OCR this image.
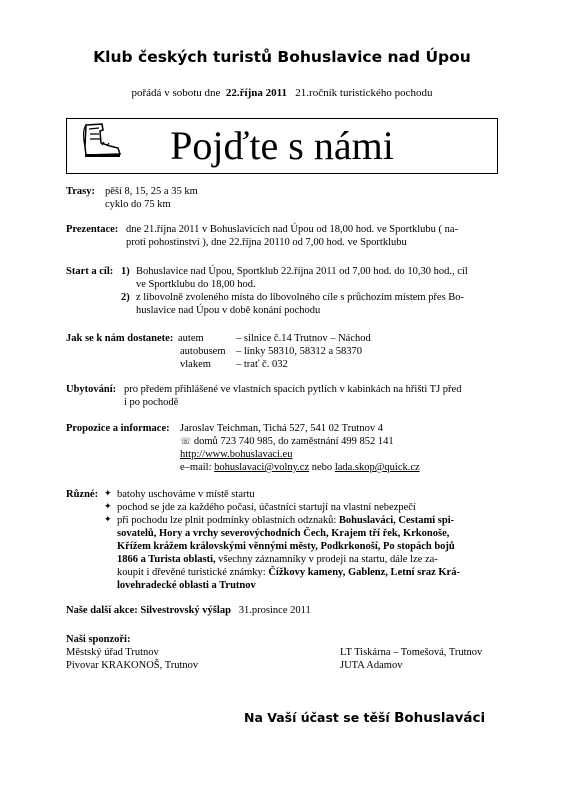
Klub českých turistů Bohuslavice nad Úpou
pořádá v sobotu dne 22.října 2011 21.ročník turistického pochodu
Pojďte s námi
Trasy: pěší 8, 15, 25 a 35 km
cyklo do 75 km
Prezentace: dne 21.října 2011 v Bohuslavicích nad Úpou od 18,00 hod. ve Sportklubu ( na-
proti pohostinství ), dne 22.října 20110 od 7,00 hod. ve Sportklubu
Start a cíl: 1) Bohuslavice nad Úpou, Sportklub 22.října 2011 od 7,00 hod. do 10,30 hod., cíl
ve Sportklubu do 18,00 hod.
2) z libovolně zvoleného místa do libovolného cíle s průchozím místem přes Bo-
huslavice nad Úpou v době konání pochodu
Jak se k nám dostanete: autem	– silnice č.14 Trutnov – Náchod
autobusem – linky 58310, 58312 a 58370
vlakem – trať č. 032
Ubytování: pro předem přihlášené ve vlastních spacích pytlích v kabinkách na hřišti TJ před
i po pochodě
Propozice a informace: Jaroslav Teichman, Tichá 527, 541 02 Trutnov 4
☏ domů 723 740 985, do zaměstnání 499 852 141
http://www.bohuslavaci.eu
e–mail: bohuslavaci@volny.cz nebo lada.skop@quick.cz
Různé: ✦ batohy uschováme v místě startu
✦ pochod se jde za každého počasí, účastníci startují na vlastní nebezpečí
✦ při pochodu lze plnit podmínky oblastních odznaků: Bohuslaváci, Cestami spi-
sovatelů, Hory a vrchy severovýchodních Čech, Krajem tří řek, Krkonoše,
Křížem krážem královskými věnnými městy, Podkrkonoší, Po stopách bojů
1866 a Turista oblasti, všechny záznamníky v prodeji na startu, dále lze za-
koupit i dřevěné turistické známky: Čížkovy kameny, Gablenz, Letní sraz Krá-
lovehradecké oblasti a Trutnov
Naše další akce: Silvestrovský výšlap 31.prosince 2011
Naši sponzoři:
Městský úřad Trutnov
Pivovar KRAKONOŠ, Trutnov
LT Tiskárna – Tomešová, Trutnov
JUTA Adamov
Na Vaší účast se těší Bohuslaváci
